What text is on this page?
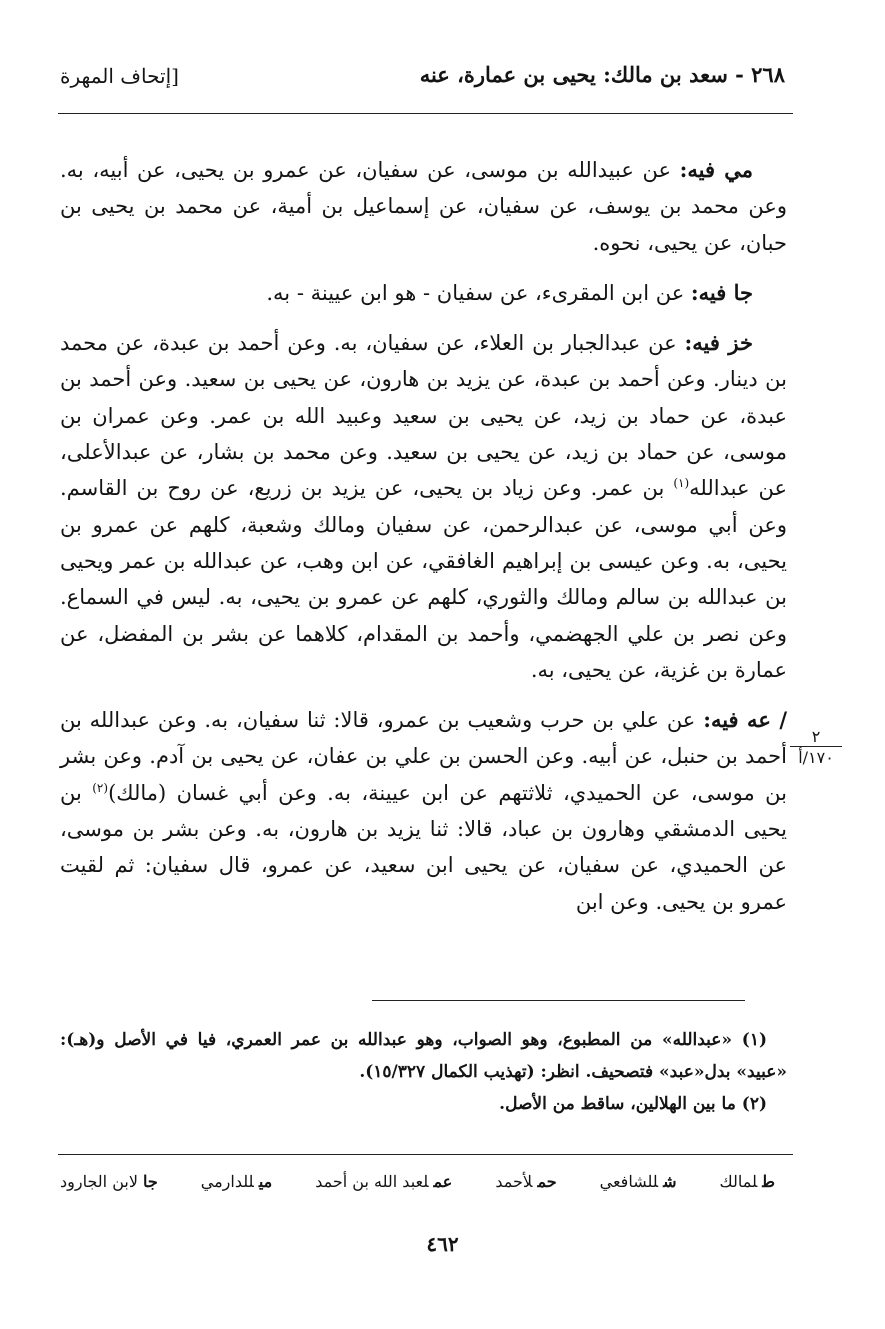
٢٦٨ - سعد بن مالك: يحيى بن عمارة، عنه
[إتحاف المهرة

مي فيه: عن عبيدالله بن موسى، عن سفيان، عن عمرو بن يحيى، عن أبيه، به. وعن محمد بن يوسف، عن سفيان، عن إسماعيل بن أمية، عن محمد بن يحيى بن حبان، عن يحيى، نحوه.

جا فيه: عن ابن المقرىء، عن سفيان - هو ابن عيينة - به.

خز فيه: عن عبدالجبار بن العلاء، عن سفيان، به. وعن أحمد بن عبدة، عن محمد بن دينار. وعن أحمد بن عبدة، عن يزيد بن هارون، عن يحيى بن سعيد. وعن أحمد بن عبدة، عن حماد بن زيد، عن يحيى بن سعيد وعبيد الله بن عمر. وعن عمران بن موسى، عن حماد بن زيد، عن يحيى بن سعيد. وعن محمد بن بشار، عن عبدالأعلى، عن عبدالله$^{(١)}$ بن عمر. وعن زياد بن يحيى، عن يزيد بن زريع، عن روح بن القاسم. وعن أبي موسى، عن عبدالرحمن، عن سفيان ومالك وشعبة، كلهم عن عمرو بن يحيى، به. وعن عيسى بن إبراهيم الغافقي، عن ابن وهب، عن عبدالله بن عمر ويحيى بن عبدالله بن سالم ومالك والثوري، كلهم عن عمرو بن يحيى، به. ليس في السماع. وعن نصر بن علي الجهضمي، وأحمد بن المقدام، كلاهما عن بشر بن المفضل، عن عمارة بن غزية، عن يحيى، به.

/ عه فيه: عن علي بن حرب وشعيب بن عمرو، قالا: ثنا سفيان، به. وعن عبدالله بن أحمد بن حنبل، عن أبيه. وعن الحسن بن علي بن عفان، عن يحيى بن آدم. وعن بشر بن موسى، عن الحميدي، ثلاثتهم عن ابن عيينة، به. وعن أبي غسان (مالك)$^{(٢)}$ بن يحيى الدمشقي وهارون بن عباد، قالا: ثنا يزيد بن هارون، به. وعن بشر بن موسى، عن الحميدي، عن سفيان، عن يحيى ابن سعيد، عن عمرو، قال سفيان: ثم لقيت عمرو بن يحيى. وعن ابن

٢
١٧٠/أ

(١) «عبدالله» من المطبوع، وهو الصواب، وهو عبدالله بن عمر العمري، فيا في الأصل و(هـ): «عبيد» بدل«عبد» فتصحيف. انظر: (تهذيب الكمال ١٥/٣٢٧).

(٢) ما بين الهلالين، ساقط من الأصل.

طلمالك
شللشافعي
حملأحمد
عملعبد الله بن أحمد
ميللدارمي
جالابن الجارود
٤٦٢
